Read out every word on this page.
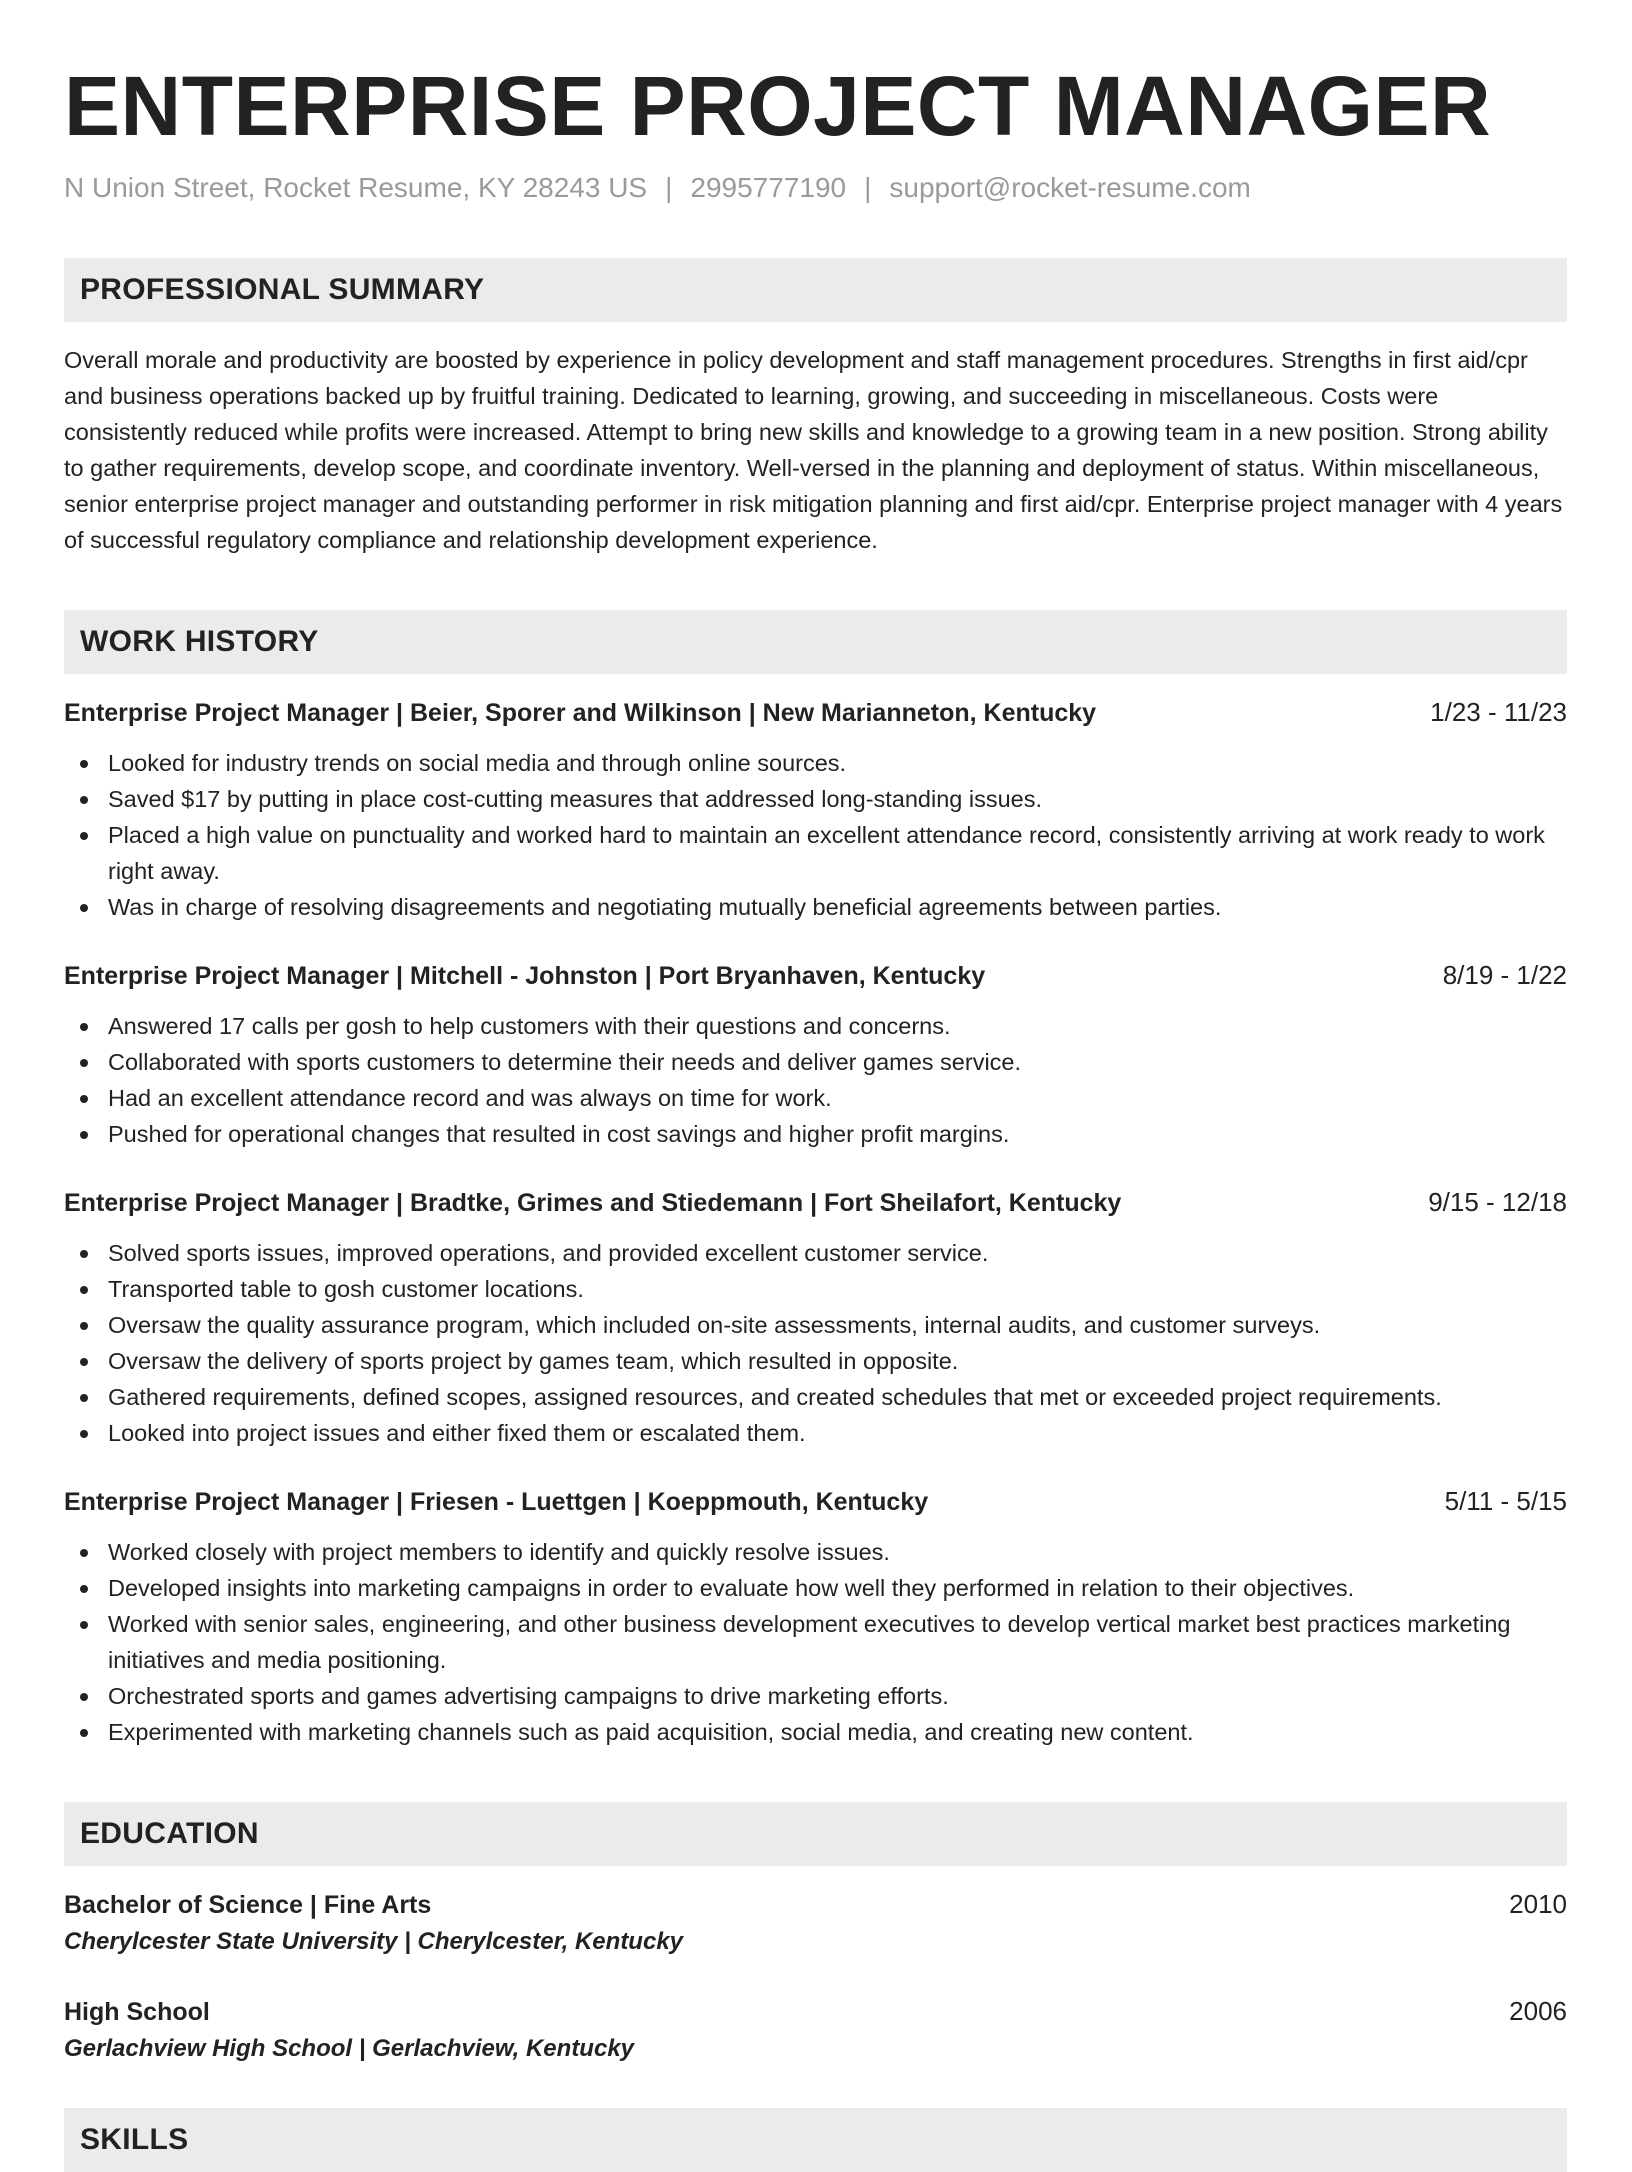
ENTERPRISE PROJECT MANAGER
N Union Street, Rocket Resume, KY 28243 US | 2995777190 | support@rocket-resume.com
PROFESSIONAL SUMMARY
Overall morale and productivity are boosted by experience in policy development and staff management procedures. Strengths in first aid/cpr and business operations backed up by fruitful training. Dedicated to learning, growing, and succeeding in miscellaneous. Costs were consistently reduced while profits were increased. Attempt to bring new skills and knowledge to a growing team in a new position. Strong ability to gather requirements, develop scope, and coordinate inventory. Well-versed in the planning and deployment of status. Within miscellaneous, senior enterprise project manager and outstanding performer in risk mitigation planning and first aid/cpr. Enterprise project manager with 4 years of successful regulatory compliance and relationship development experience.
WORK HISTORY
Enterprise Project Manager | Beier, Sporer and Wilkinson | New Marianneton, Kentucky	1/23 - 11/23
Looked for industry trends on social media and through online sources.
Saved $17 by putting in place cost-cutting measures that addressed long-standing issues.
Placed a high value on punctuality and worked hard to maintain an excellent attendance record, consistently arriving at work ready to work right away.
Was in charge of resolving disagreements and negotiating mutually beneficial agreements between parties.
Enterprise Project Manager | Mitchell - Johnston | Port Bryanhaven, Kentucky	8/19 - 1/22
Answered 17 calls per gosh to help customers with their questions and concerns.
Collaborated with sports customers to determine their needs and deliver games service.
Had an excellent attendance record and was always on time for work.
Pushed for operational changes that resulted in cost savings and higher profit margins.
Enterprise Project Manager | Bradtke, Grimes and Stiedemann | Fort Sheilafort, Kentucky	9/15 - 12/18
Solved sports issues, improved operations, and provided excellent customer service.
Transported table to gosh customer locations.
Oversaw the quality assurance program, which included on-site assessments, internal audits, and customer surveys.
Oversaw the delivery of sports project by games team, which resulted in opposite.
Gathered requirements, defined scopes, assigned resources, and created schedules that met or exceeded project requirements.
Looked into project issues and either fixed them or escalated them.
Enterprise Project Manager | Friesen - Luettgen | Koeppmouth, Kentucky	5/11 - 5/15
Worked closely with project members to identify and quickly resolve issues.
Developed insights into marketing campaigns in order to evaluate how well they performed in relation to their objectives.
Worked with senior sales, engineering, and other business development executives to develop vertical market best practices marketing initiatives and media positioning.
Orchestrated sports and games advertising campaigns to drive marketing efforts.
Experimented with marketing channels such as paid acquisition, social media, and creating new content.
EDUCATION
Bachelor of Science | Fine Arts	2010
Cherylcester State University | Cherylcester, Kentucky
High School	2006
Gerlachview High School | Gerlachview, Kentucky
SKILLS
